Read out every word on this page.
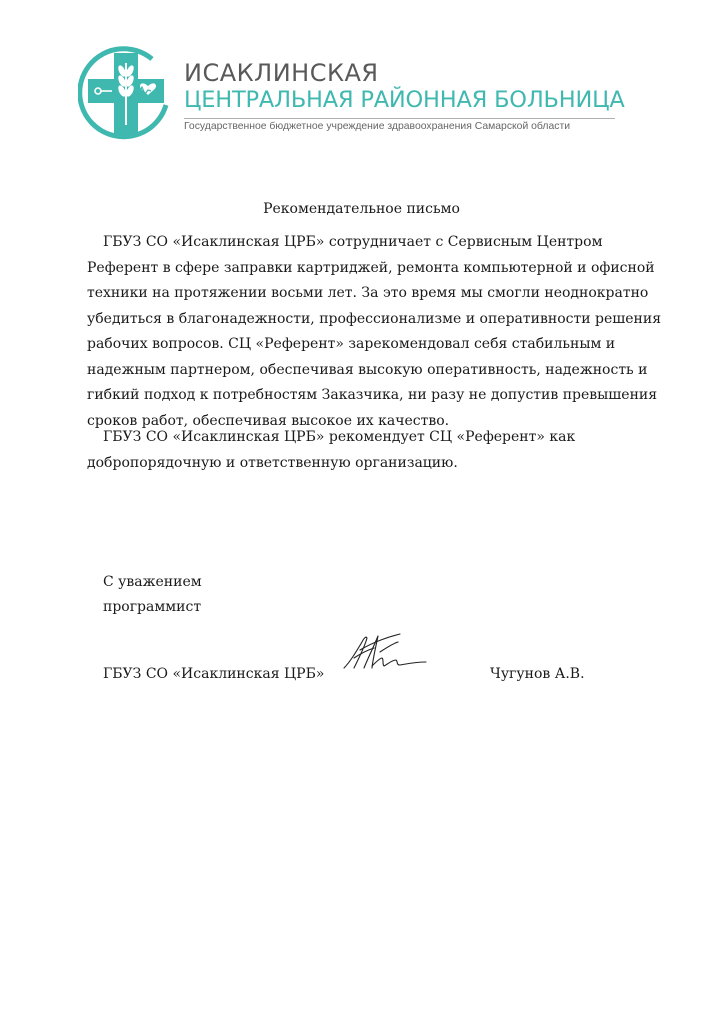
ИСАКЛИНСКАЯ
ЦЕНТРАЛЬНАЯ РАЙОННАЯ БОЛЬНИЦА
Государственное бюджетное учреждение здравоохранения Самарской области
Рекомендательное письмо

ГБУЗ СО «Исаклинская ЦРБ» сотрудничает с Сервисным Центром Референт в сфере заправки картриджей, ремонта компьютерной и офисной техники на протяжении восьми лет. За это время мы смогли неоднократно убедиться в благонадежности, профессионализме и оперативности решения рабочих вопросов. СЦ «Референт» зарекомендовал себя стабильным и надежным партнером, обеспечивая высокую оперативность, надежность и гибкий подход к потребностям Заказчика, ни разу не допустив превышения сроков работ, обеспечивая высокое их качество.

ГБУЗ СО «Исаклинская ЦРБ» рекомендует СЦ «Референт» как добропорядочную и ответственную организацию.

С уважением
программист
ГБУЗ СО «Исаклинская ЦРБ»	Чугунов А.В.
